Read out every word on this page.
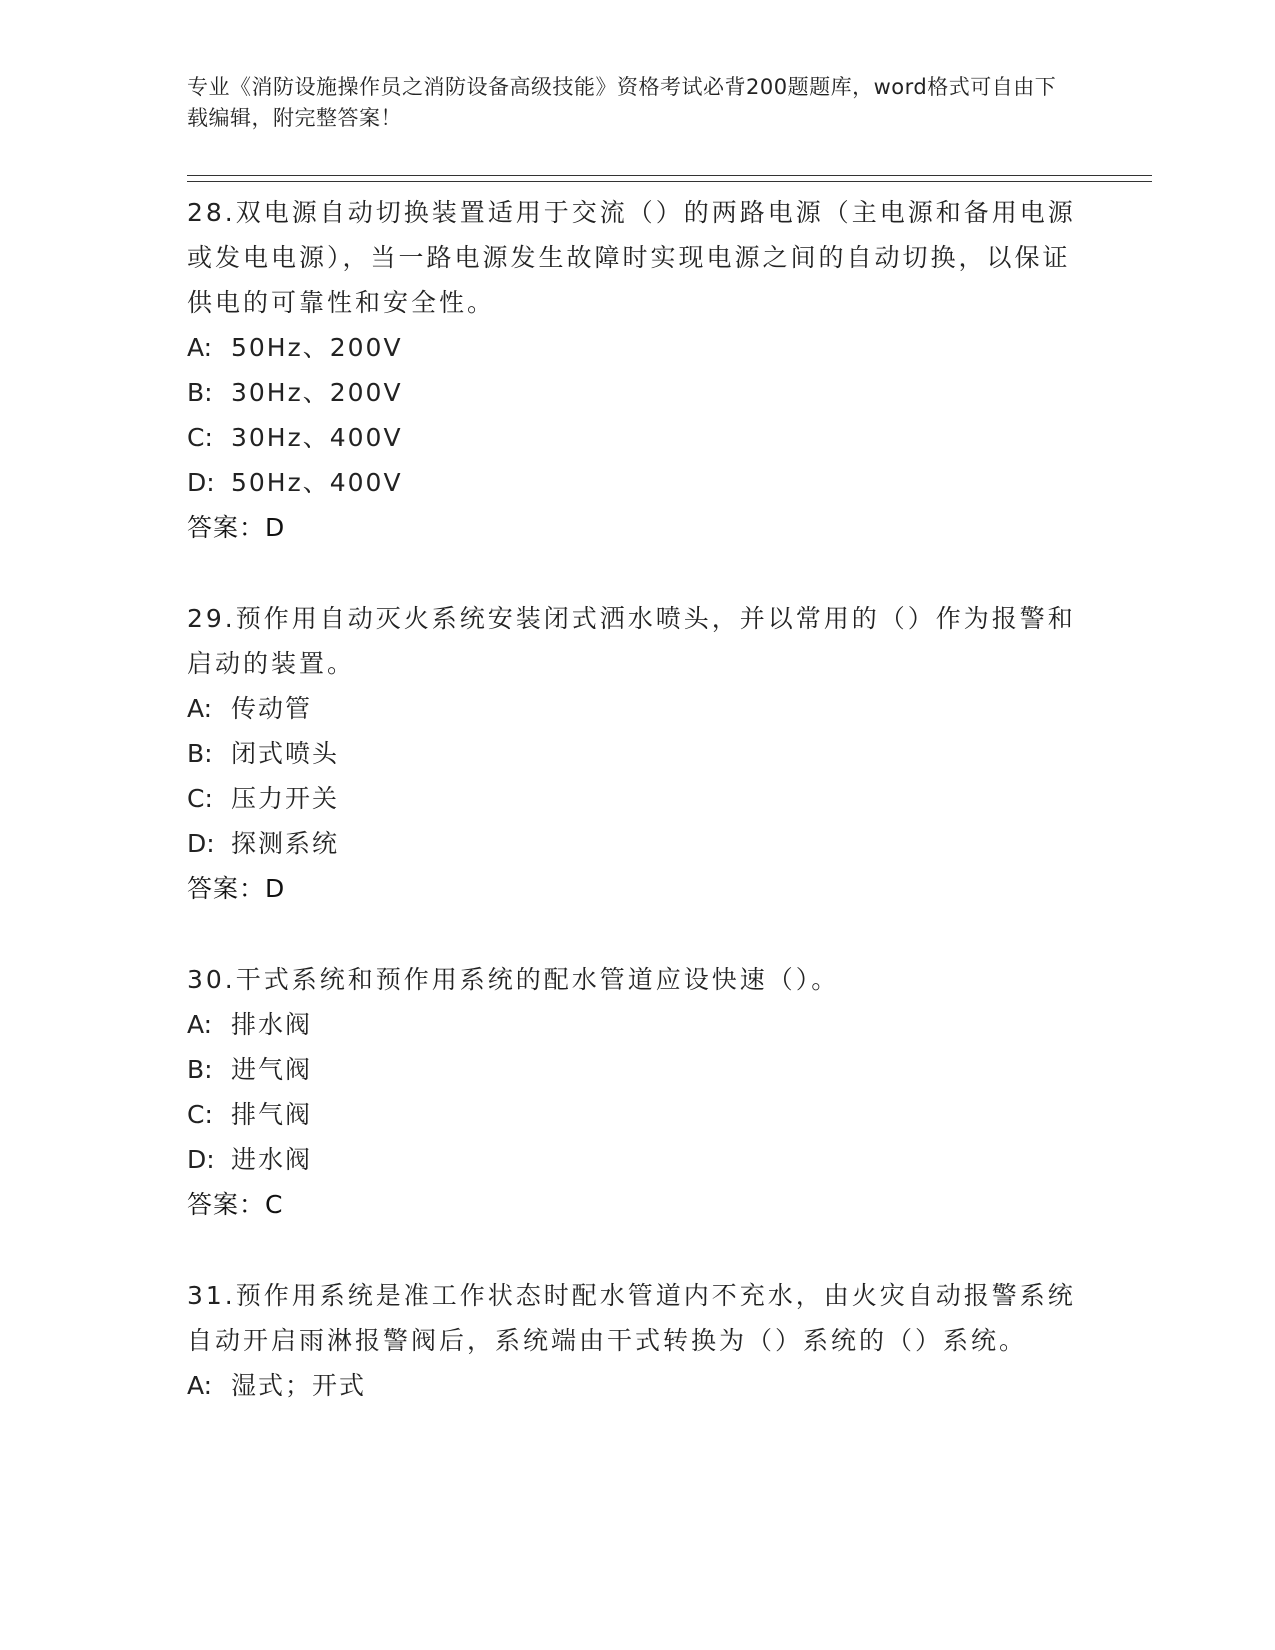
专业《消防设施操作员之消防设备高级技能》资格考试必背200题题库，word格式可自由下载编辑，附完整答案！

28.双电源自动切换装置适用于交流（）的两路电源（主电源和备用电源或发电电源），当一路电源发生故障时实现电源之间的自动切换，以保证供电的可靠性和安全性。

A: 50Hz、200V

B: 30Hz、200V

C: 30Hz、400V

D: 50Hz、400V

答案：D

29.预作用自动灭火系统安装闭式洒水喷头，并以常用的（）作为报警和启动的装置。

A: 传动管

B: 闭式喷头

C: 压力开关

D: 探测系统

答案：D

30.干式系统和预作用系统的配水管道应设快速（）。

A: 排水阀

B: 进气阀

C: 排气阀

D: 进水阀

答案：C

31.预作用系统是准工作状态时配水管道内不充水，由火灾自动报警系统自动开启雨淋报警阀后，系统端由干式转换为（）系统的（）系统。

A: 湿式；开式
